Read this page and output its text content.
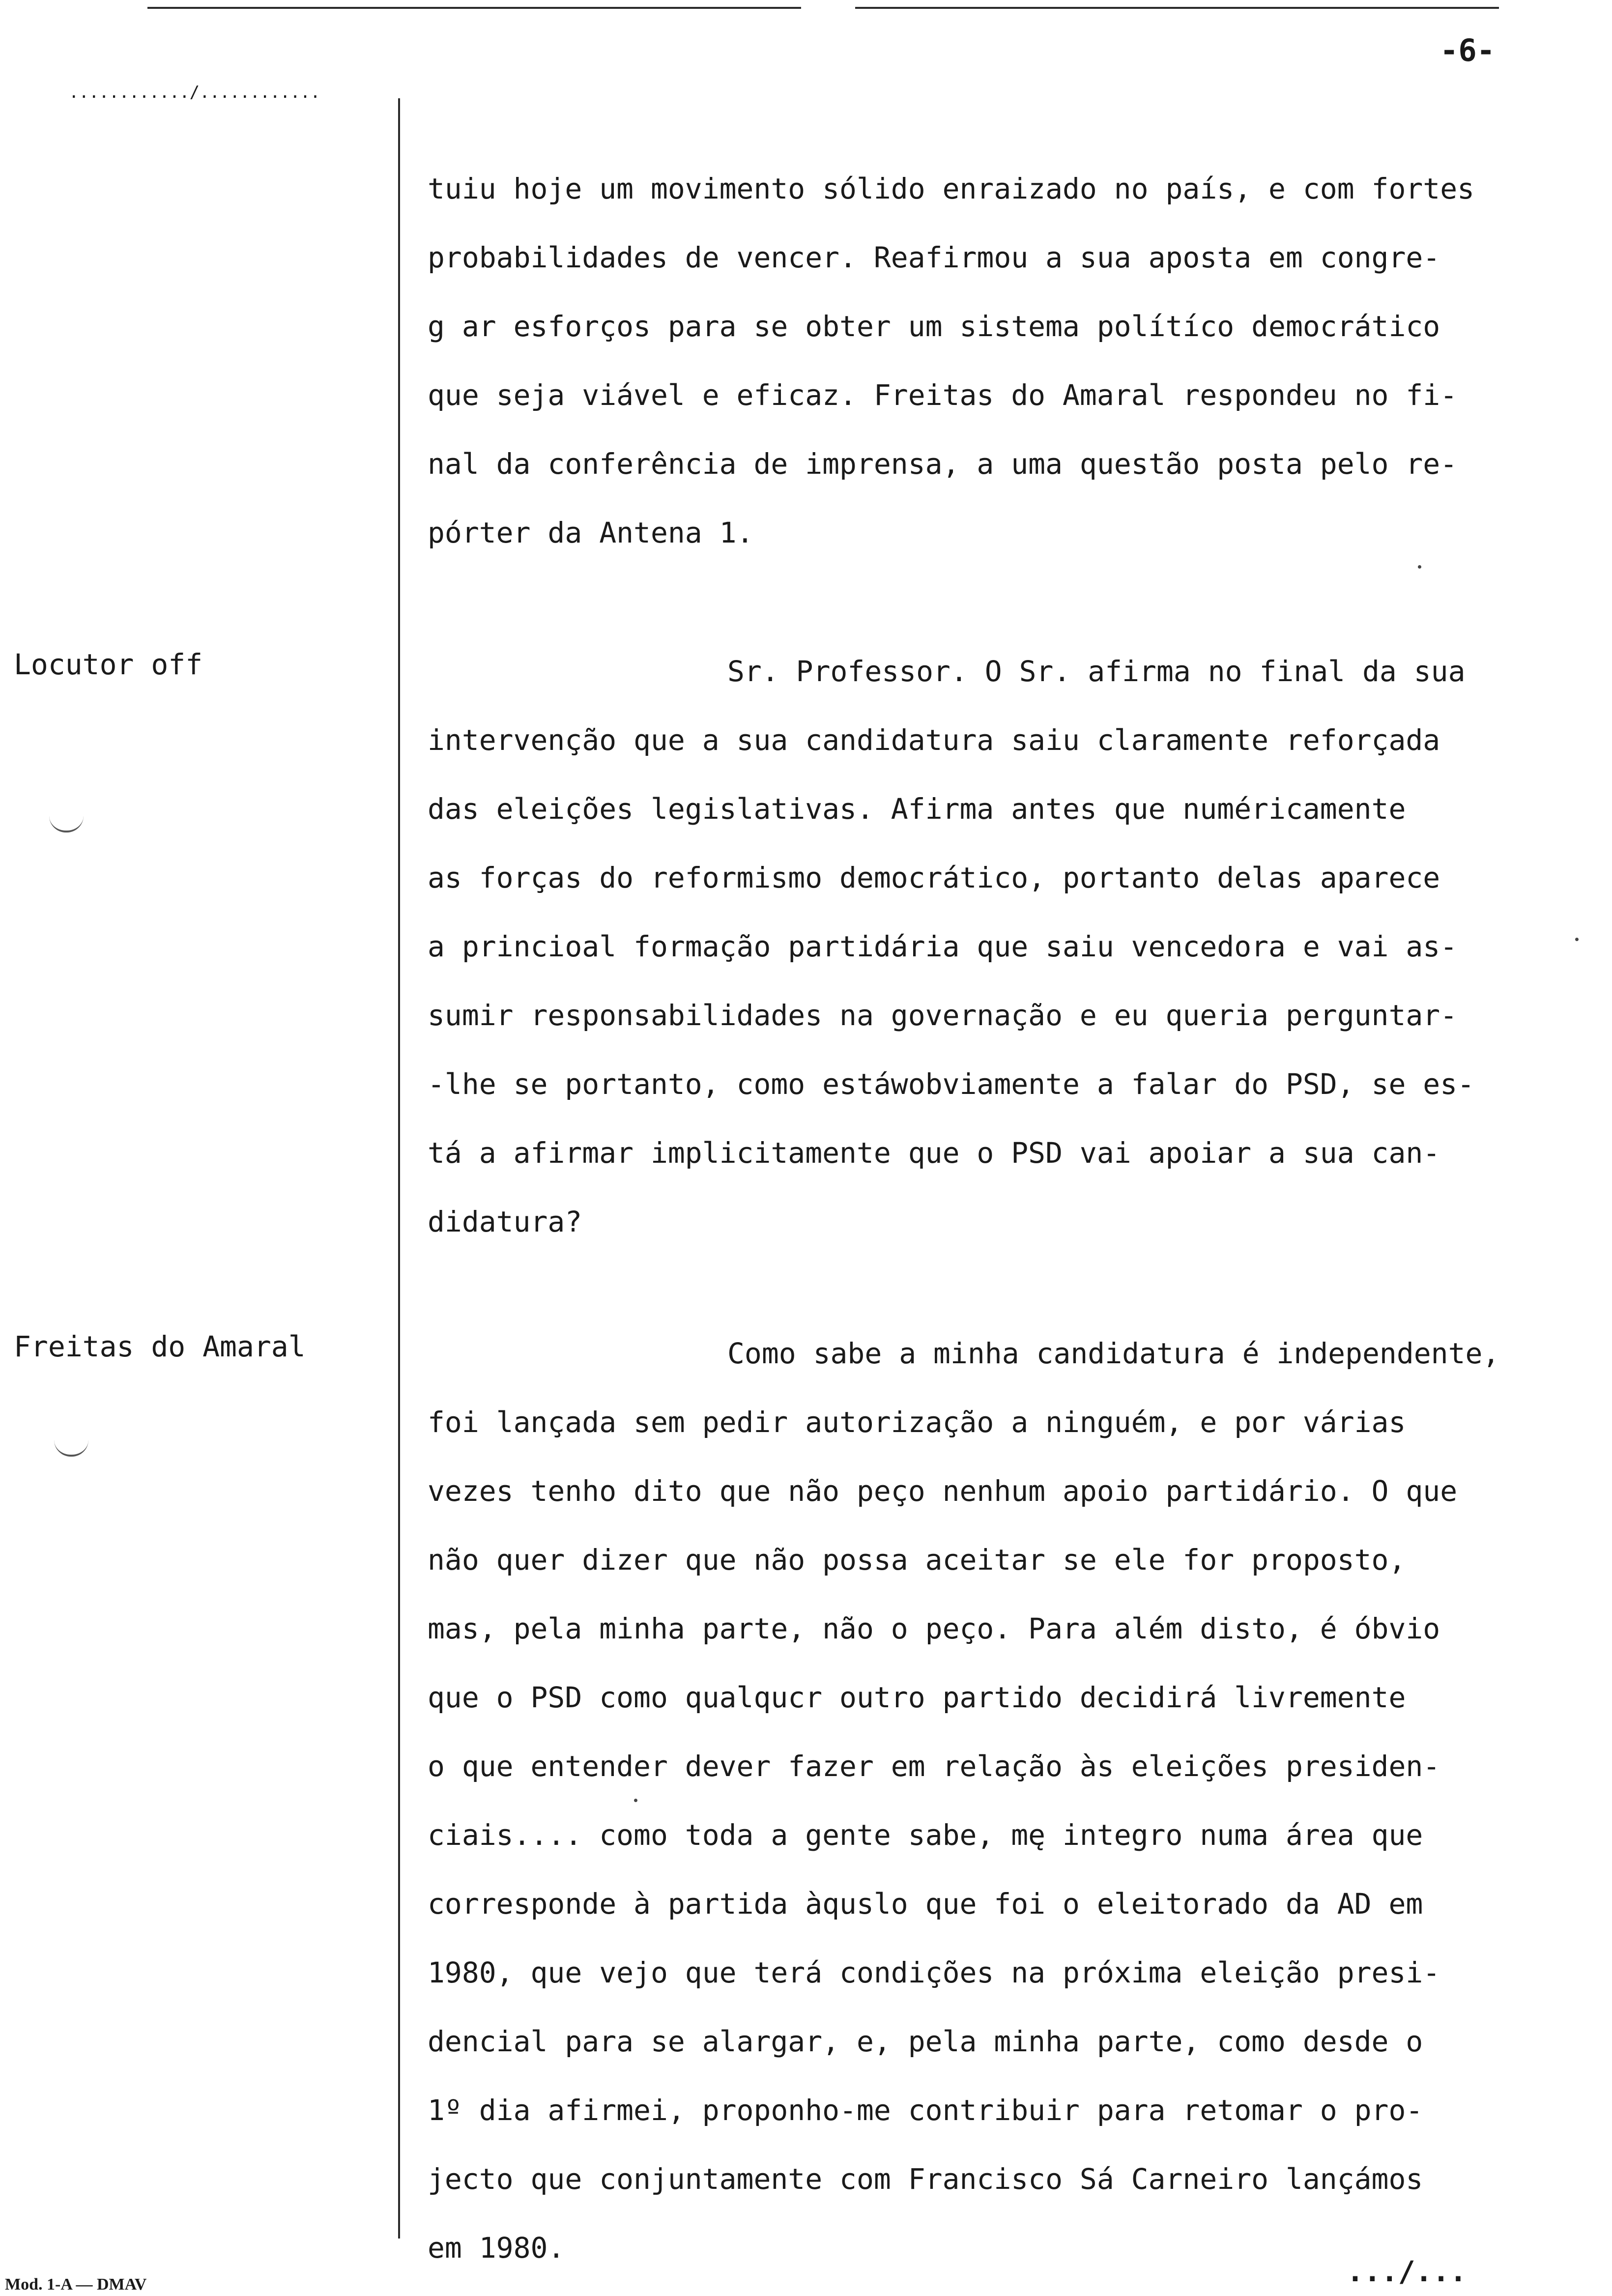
............/............
-6-
Locutor off
Freitas do Amaral
tuiu hoje um movimento sólido enraizado no país, e com fortes
probabilidades de vencer. Reafirmou a sua aposta em congre-
g ar esforços para se obter um sistema polítíco democrático
que seja viável e eficaz. Freitas do Amaral respondeu no fi-
nal da conferência de imprensa, a uma questão posta pelo re-
pórter da Antena 1.
Sr. Professor. O Sr. afirma no final da sua
intervenção que a sua candidatura saiu claramente reforçada
das eleições legislativas. Afirma antes que numéricamente
as forças do reformismo democrático, portanto delas aparece
a princioal formação partidária que saiu vencedora e vai as-
sumir responsabilidades na governação e eu queria perguntar-
-lhe se portanto, como estáwobviamente a falar do PSD, se es-
tá a afirmar implicitamente que o PSD vai apoiar a sua can-
didatura?
Como sabe a minha candidatura é independente,
foi lançada sem pedir autorização a ninguém, e por várias
vezes tenho dito que não peço nenhum apoio partidário. O que
não quer dizer que não possa aceitar se ele for proposto,
mas, pela minha parte, não o peço. Para além disto, é óbvio
que o PSD como qualqucr outro partido decidirá livremente
o que entender dever fazer em relação às eleições presiden-
ciais.... como toda a gente sabe, mę integro numa área que
corresponde à partida àquslo que foi o eleitorado da AD em
1980, que vejo que terá condições na próxima eleição presi-
dencial para se alargar, e, pela minha parte, como desde o
1º dia afirmei, proponho-me contribuir para retomar o pro-
jecto que conjuntamente com Francisco Sá Carneiro lançámos
em 1980.
.../...
Mod. 1-A — DMAV
